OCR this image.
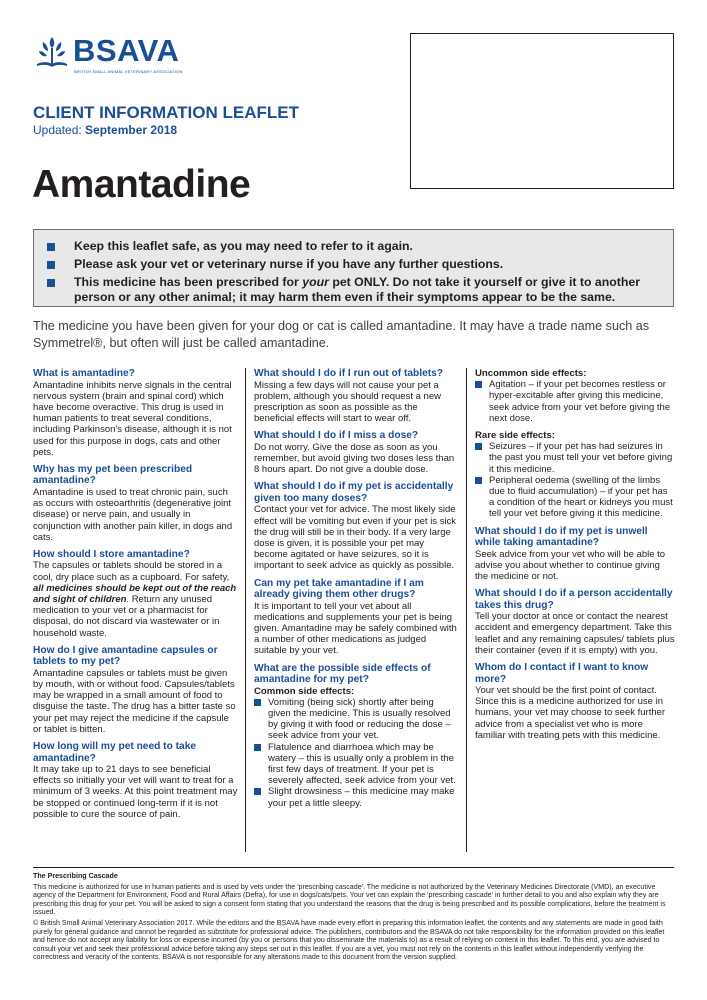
BSAVA
BRITISH SMALL ANIMAL VETERINARY ASSOCIATION
CLIENT INFORMATION LEAFLET
Updated: September 2018
Amantadine
Keep this leaflet safe, as you may need to refer to it again.
Please ask your vet or veterinary nurse if you have any further questions.
This medicine has been prescribed for your pet ONLY. Do not take it yourself or give it to another person or any other animal; it may harm them even if their symptoms appear to be the same.
The medicine you have been given for your dog or cat is called amantadine. It may have a trade name such as Symmetrel®, but often will just be called amantadine.
What is amantadine?

Amantadine inhibits nerve signals in the central nervous system (brain and spinal cord) which have become overactive. This drug is used in human patients to treat several conditions, including Parkinson's disease, although it is not used for this purpose in dogs, cats and other pets.

Why has my pet been prescribed amantadine?

Amantadine is used to treat chronic pain, such as occurs with osteoarthritis (degenerative joint disease) or nerve pain, and usually in conjunction with another pain killer, in dogs and cats.

How should I store amantadine?

The capsules or tablets should be stored in a cool, dry place such as a cupboard. For safety, all medicines should be kept out of the reach and sight of children. Return any unused medication to your vet or a pharmacist for disposal, do not discard via wastewater or in household waste.

How do I give amantadine capsules or tablets to my pet?

Amantadine capsules or tablets must be given by mouth, with or without food. Capsules/tablets may be wrapped in a small amount of food to disguise the taste. The drug has a bitter taste so your pet may reject the medicine if the capsule or tablet is bitten.

How long will my pet need to take amantadine?

It may take up to 21 days to see beneficial effects so initially your vet will want to treat for a minimum of 3 weeks. At this point treatment may be stopped or continued long-term if it is not possible to cure the source of pain.

What should I do if I run out of tablets?

Missing a few days will not cause your pet a problem, although you should request a new prescription as soon as possible as the beneficial effects will start to wear off.

What should I do if I miss a dose?

Do not worry. Give the dose as soon as you remember, but avoid giving two doses less than 8 hours apart. Do not give a double dose.

What should I do if my pet is accidentally given too many doses?

Contact your vet for advice. The most likely side effect will be vomiting but even if your pet is sick the drug will still be in their body. If a very large dose is given, it is possible your pet may become agitated or have seizures, so it is important to seek advice as quickly as possible.

Can my pet take amantadine if I am already giving them other drugs?

It is important to tell your vet about all medications and supplements your pet is being given. Amantadine may be safely combined with a number of other medications as judged suitable by your vet.

What are the possible side effects of amantadine for my pet?
Common side effects:
Vomiting (being sick) shortly after being given the medicine. This is usually resolved by giving it with food or reducing the dose – seek advice from your vet.
Flatulence and diarrhoea which may be watery – this is usually only a problem in the first few days of treatment. If your pet is severely affected, seek advice from your vet.
Slight drowsiness – this medicine may make your pet a little sleepy.
Uncommon side effects:
Agitation – if your pet becomes restless or hyper-excitable after giving this medicine, seek advice from your vet before giving the next dose.
Rare side effects:
Seizures – if your pet has had seizures in the past you must tell your vet before giving it this medicine.
Peripheral oedema (swelling of the limbs due to fluid accumulation) – if your pet has a condition of the heart or kidneys you must tell your vet before giving it this medicine.
What should I do if my pet is unwell while taking amantadine?

Seek advice from your vet who will be able to advise you about whether to continue giving the medicine or not.

What should I do if a person accidentally takes this drug?

Tell your doctor at once or contact the nearest accident and emergency department. Take this leaflet and any remaining capsules/ tablets plus their container (even if it is empty) with you.

Whom do I contact if I want to know more?

Your vet should be the first point of contact. Since this is a medicine authorized for use in humans, your vet may choose to seek further advice from a specialist vet who is more familiar with treating pets with this medicine.

The Prescribing Cascade

This medicine is authorized for use in human patients and is used by vets under the 'prescribing cascade'. The medicine is not authorized by the Veterinary Medicines Directorate (VMD), an executive agency of the Department for Environment, Food and Rural Affairs (Defra), for use in dogs/cats/pets. Your vet can explain the 'prescribing cascade' in further detail to you and also explain why they are prescribing this drug for your pet. You will be asked to sign a consent form stating that you understand the reasons that the drug is being prescribed and its possible complications, before the treatment is issued.

© British Small Animal Veterinary Association 2017. While the editors and the BSAVA have made every effort in preparing this information leaflet, the contents and any statements are made in good faith purely for general guidance and cannot be regarded as substitute for professional advice. The publishers, contributors and the BSAVA do not take responsibility for the information provided on this leaflet and hence do not accept any liability for loss or expense incurred (by you or persons that you disseminate the materials to) as a result of relying on content in this leaflet. To this end, you are advised to consult your vet and seek their professional advice before taking any steps set out in this leaflet. If you are a vet, you must not rely on the contents in this leaflet without independently verifying the correctness and veracity of the contents. BSAVA is not responsible for any alterations made to this document from the version supplied.
